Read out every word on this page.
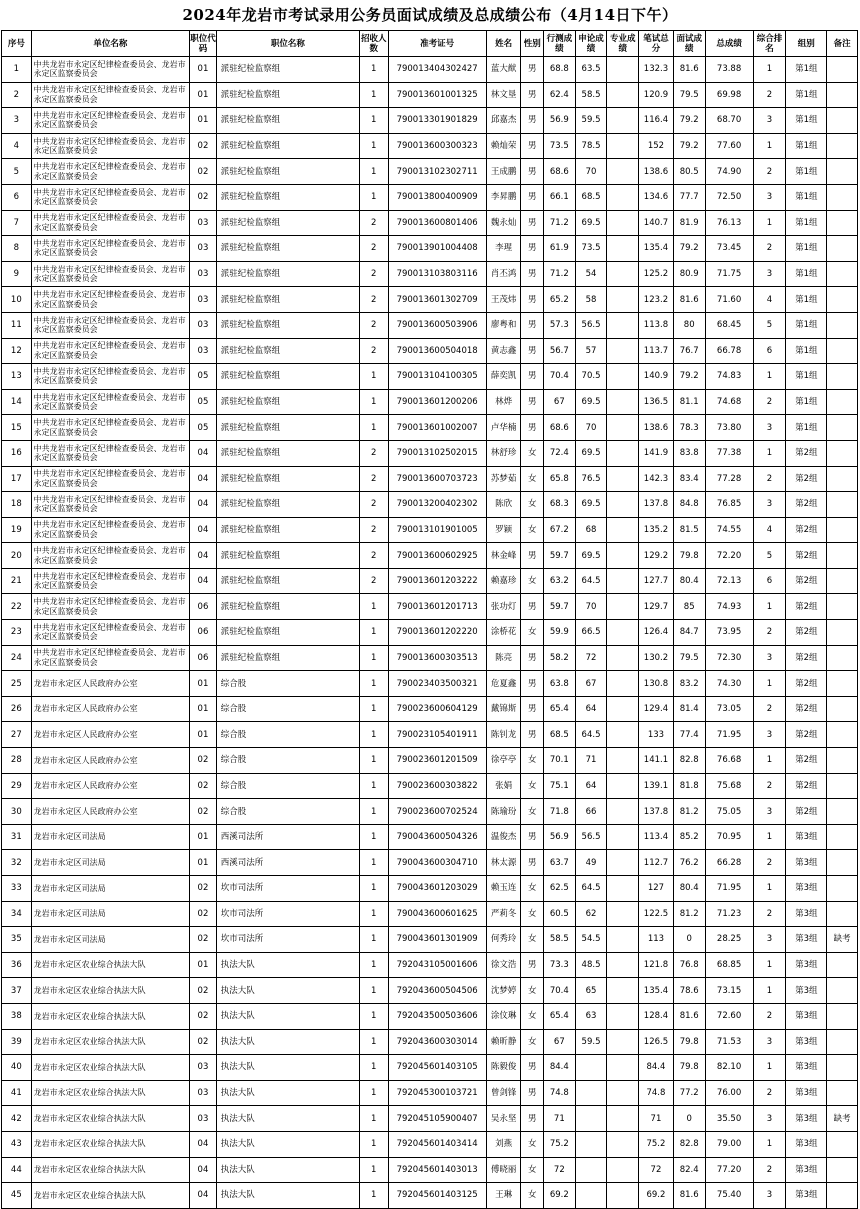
2024年龙岩市考试录用公务员面试成绩及总成绩公布（4月14日下午）
序号	单位名称	职位代码	职位名称	招收人数	准考证号	姓名	性别	行测成绩	申论成绩	专业成绩	笔试总分	面试成绩	总成绩	综合排名	组别	备注
1	中共龙岩市永定区纪律检查委员会、龙岩市永定区监察委员会	01	派驻纪检监察组	1	790013404302427	蓝大猷	男	68.8	63.5		132.3	81.6	73.88	1	第1组	
2	中共龙岩市永定区纪律检查委员会、龙岩市永定区监察委员会	01	派驻纪检监察组	1	790013601001325	林文垦	男	62.4	58.5		120.9	79.5	69.98	2	第1组	
3	中共龙岩市永定区纪律检查委员会、龙岩市永定区监察委员会	01	派驻纪检监察组	1	790013301901829	邱嘉杰	男	56.9	59.5		116.4	79.2	68.70	3	第1组	
4	中共龙岩市永定区纪律检查委员会、龙岩市永定区监察委员会	02	派驻纪检监察组	1	790013600300323	赖灿荣	男	73.5	78.5		152	79.2	77.60	1	第1组	
5	中共龙岩市永定区纪律检查委员会、龙岩市永定区监察委员会	02	派驻纪检监察组	1	790013102302711	王成鹏	男	68.6	70		138.6	80.5	74.90	2	第1组	
6	中共龙岩市永定区纪律检查委员会、龙岩市永定区监察委员会	02	派驻纪检监察组	1	790013800400909	李昇鹏	男	66.1	68.5		134.6	77.7	72.50	3	第1组	
7	中共龙岩市永定区纪律检查委员会、龙岩市永定区监察委员会	03	派驻纪检监察组	2	790013600801406	魏永灿	男	71.2	69.5		140.7	81.9	76.13	1	第1组	
8	中共龙岩市永定区纪律检查委员会、龙岩市永定区监察委员会	03	派驻纪检监察组	2	790013901004408	李瑆	男	61.9	73.5		135.4	79.2	73.45	2	第1组	
9	中共龙岩市永定区纪律检查委员会、龙岩市永定区监察委员会	03	派驻纪检监察组	2	790013103803116	肖丕鸿	男	71.2	54		125.2	80.9	71.75	3	第1组	
10	中共龙岩市永定区纪律检查委员会、龙岩市永定区监察委员会	03	派驻纪检监察组	2	790013601302709	王茂炜	男	65.2	58		123.2	81.6	71.60	4	第1组	
11	中共龙岩市永定区纪律检查委员会、龙岩市永定区监察委员会	03	派驻纪检监察组	2	790013600503906	廖粤和	男	57.3	56.5		113.8	80	68.45	5	第1组	
12	中共龙岩市永定区纪律检查委员会、龙岩市永定区监察委员会	03	派驻纪检监察组	2	790013600504018	黄志鑫	男	56.7	57		113.7	76.7	66.78	6	第1组	
13	中共龙岩市永定区纪律检查委员会、龙岩市永定区监察委员会	05	派驻纪检监察组	1	790013104100305	薛奕凯	男	70.4	70.5		140.9	79.2	74.83	1	第1组	
14	中共龙岩市永定区纪律检查委员会、龙岩市永定区监察委员会	05	派驻纪检监察组	1	790013601200206	林烨	男	67	69.5		136.5	81.1	74.68	2	第1组	
15	中共龙岩市永定区纪律检查委员会、龙岩市永定区监察委员会	05	派驻纪检监察组	1	790013601002007	卢华楠	男	68.6	70		138.6	78.3	73.80	3	第1组	
16	中共龙岩市永定区纪律检查委员会、龙岩市永定区监察委员会	04	派驻纪检监察组	2	790013102502015	林舒珍	女	72.4	69.5		141.9	83.8	77.38	1	第2组	
17	中共龙岩市永定区纪律检查委员会、龙岩市永定区监察委员会	04	派驻纪检监察组	2	790013600703723	苏梦茹	女	65.8	76.5		142.3	83.4	77.28	2	第2组	
18	中共龙岩市永定区纪律检查委员会、龙岩市永定区监察委员会	04	派驻纪检监察组	2	790013200402302	陈欣	女	68.3	69.5		137.8	84.8	76.85	3	第2组	
19	中共龙岩市永定区纪律检查委员会、龙岩市永定区监察委员会	04	派驻纪检监察组	2	790013101901005	罗颖	女	67.2	68		135.2	81.5	74.55	4	第2组	
20	中共龙岩市永定区纪律检查委员会、龙岩市永定区监察委员会	04	派驻纪检监察组	2	790013600602925	林金峰	男	59.7	69.5		129.2	79.8	72.20	5	第2组	
21	中共龙岩市永定区纪律检查委员会、龙岩市永定区监察委员会	04	派驻纪检监察组	2	790013601203222	赖嘉珍	女	63.2	64.5		127.7	80.4	72.13	6	第2组	
22	中共龙岩市永定区纪律检查委员会、龙岩市永定区监察委员会	06	派驻纪检监察组	1	790013601201713	张功灯	男	59.7	70		129.7	85	74.93	1	第2组	
23	中共龙岩市永定区纪律检查委员会、龙岩市永定区监察委员会	06	派驻纪检监察组	1	790013601202220	涂桥花	女	59.9	66.5		126.4	84.7	73.95	2	第2组	
24	中共龙岩市永定区纪律检查委员会、龙岩市永定区监察委员会	06	派驻纪检监察组	1	790013600303513	陈亮	男	58.2	72		130.2	79.5	72.30	3	第2组	
25	龙岩市永定区人民政府办公室	01	综合股	1	790023403500321	危夏鑫	男	63.8	67		130.8	83.2	74.30	1	第2组	
26	龙岩市永定区人民政府办公室	01	综合股	1	790023600604129	戴锦斯	男	65.4	64		129.4	81.4	73.05	2	第2组	
27	龙岩市永定区人民政府办公室	01	综合股	1	790023105401911	陈钊龙	男	68.5	64.5		133	77.4	71.95	3	第2组	
28	龙岩市永定区人民政府办公室	02	综合股	1	790023601201509	徐亭亭	女	70.1	71		141.1	82.8	76.68	1	第2组	
29	龙岩市永定区人民政府办公室	02	综合股	1	790023600303822	张娟	女	75.1	64		139.1	81.8	75.68	2	第2组	
30	龙岩市永定区人民政府办公室	02	综合股	1	790023600702524	陈瑜玢	女	71.8	66		137.8	81.2	75.05	3	第2组	
31	龙岩市永定区司法局	01	西溪司法所	1	790043600504326	温俊杰	男	56.9	56.5		113.4	85.2	70.95	1	第3组	
32	龙岩市永定区司法局	01	西溪司法所	1	790043600304710	林太源	男	63.7	49		112.7	76.2	66.28	2	第3组	
33	龙岩市永定区司法局	02	坎市司法所	1	790043601203029	赖玉连	女	62.5	64.5		127	80.4	71.95	1	第3组	
34	龙岩市永定区司法局	02	坎市司法所	1	790043600601625	严莉冬	女	60.5	62		122.5	81.2	71.23	2	第3组	
35	龙岩市永定区司法局	02	坎市司法所	1	790043601301909	何秀玲	女	58.5	54.5		113	0	28.25	3	第3组	缺考
36	龙岩市永定区农业综合执法大队	01	执法大队	1	792043105001606	徐文浩	男	73.3	48.5		121.8	76.8	68.85	1	第3组	
37	龙岩市永定区农业综合执法大队	02	执法大队	1	792043600504506	沈梦婷	女	70.4	65		135.4	78.6	73.15	1	第3组	
38	龙岩市永定区农业综合执法大队	02	执法大队	1	792043500503606	涂伩琳	女	65.4	63		128.4	81.6	72.60	2	第3组	
39	龙岩市永定区农业综合执法大队	02	执法大队	1	792043600303014	赖昕静	女	67	59.5		126.5	79.8	71.53	3	第3组	
40	龙岩市永定区农业综合执法大队	03	执法大队	1	792045601403105	陈毅俊	男	84.4			84.4	79.8	82.10	1	第3组	
41	龙岩市永定区农业综合执法大队	03	执法大队	1	792045300103721	曾剑锋	男	74.8			74.8	77.2	76.00	2	第3组	
42	龙岩市永定区农业综合执法大队	03	执法大队	1	792045105900407	吴永坚	男	71			71	0	35.50	3	第3组	缺考
43	龙岩市永定区农业综合执法大队	04	执法大队	1	792045601403414	刘燕	女	75.2			75.2	82.8	79.00	1	第3组	
44	龙岩市永定区农业综合执法大队	04	执法大队	1	792045601403013	傅晓丽	女	72			72	82.4	77.20	2	第3组	
45	龙岩市永定区农业综合执法大队	04	执法大队	1	792045601403125	王琳	女	69.2			69.2	81.6	75.40	3	第3组	
